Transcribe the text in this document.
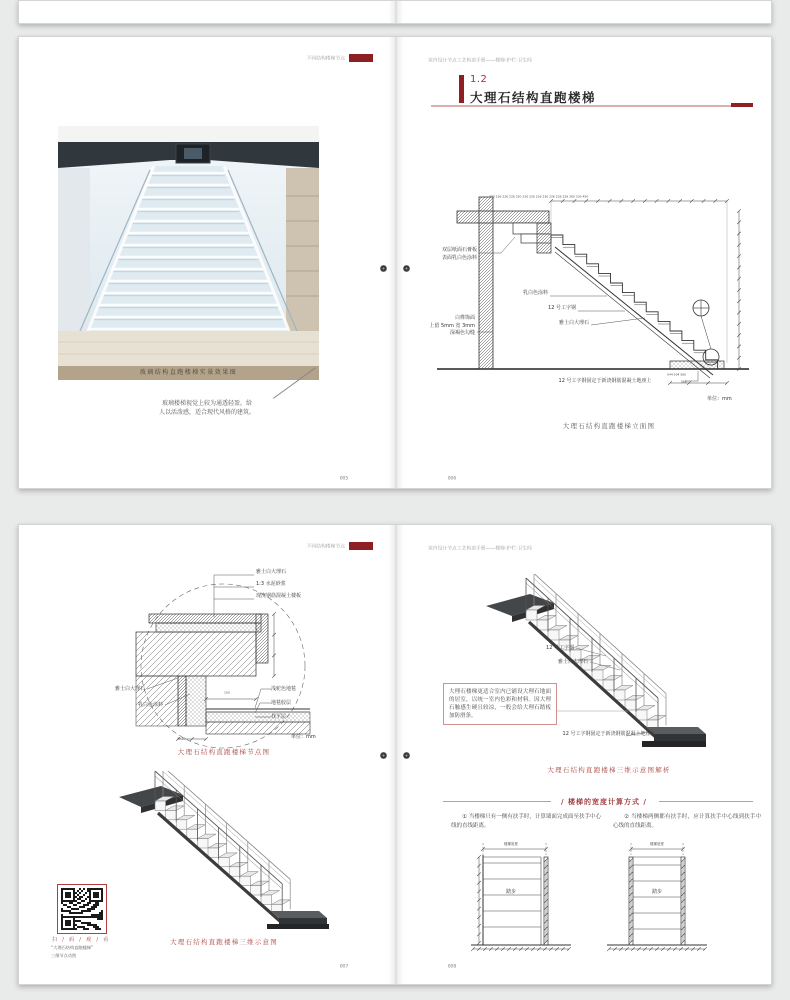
不同结构楼梯节点
玻璃结构直跑楼梯实景效果图
玻璃楼梯视觉上较为通透轻盈，给
人以活泼感，适合现代风格的建筑。
005
室内设计节点工艺构造手册——楼梯·护栏·卫生间
1.2
大理石结构直跑楼梯
270 226 226 226 220 230 226 226 230 226 226 226 260 230 450
双层纸面石膏板
表面乳白色涂料
乳白色涂料
12 号工字钢
雅士白大理石
白桦饰面
上留 5mm 宽 3mm
深褐色勾缝
544 504 560
568
12 号工字钢固定于新浇钢筋混凝土地座上
单位：mm
大理石结构直跑楼梯立面图
006
不同结构楼梯节点
雅士白大理石
1:3 水泥砂浆
现浇钢筋混凝土楼板
雅士白大理石
乳白色涂料
浅驼色地毯
地毯胶层
找平层
150
30 20	单位：mm
大理石结构直跑楼梯节点图
大理石结构直跑楼梯三维示意图
扫 / 码 / 观 / 看
“大理石结构直跑楼梯”
三维节点动图
007
室内设计节点工艺构造手册——楼梯·护栏·卫生间
12 号工字钢
雅士白大理石
大理石楼梯更适合室内已铺设大理石地面的居室，以统一室内色彩和材料。因大理石触感生硬且较凉，一般会给大理石踏板加防滑条。
12 号工字钢固定于新浇钢筋混凝土地座上
大理石结构直跑楼梯三维示意图解析
/ 楼梯的宽度计算方式 /
① 当楼梯只有一侧有扶手时，计算墙面完成面至扶手中心线的直线距离。
② 当楼梯两侧都有扶手时，应计算扶手中心线到扶手中心线的直线距离。
楼梯宽度	楼梯宽度
踏步	踏步
008
